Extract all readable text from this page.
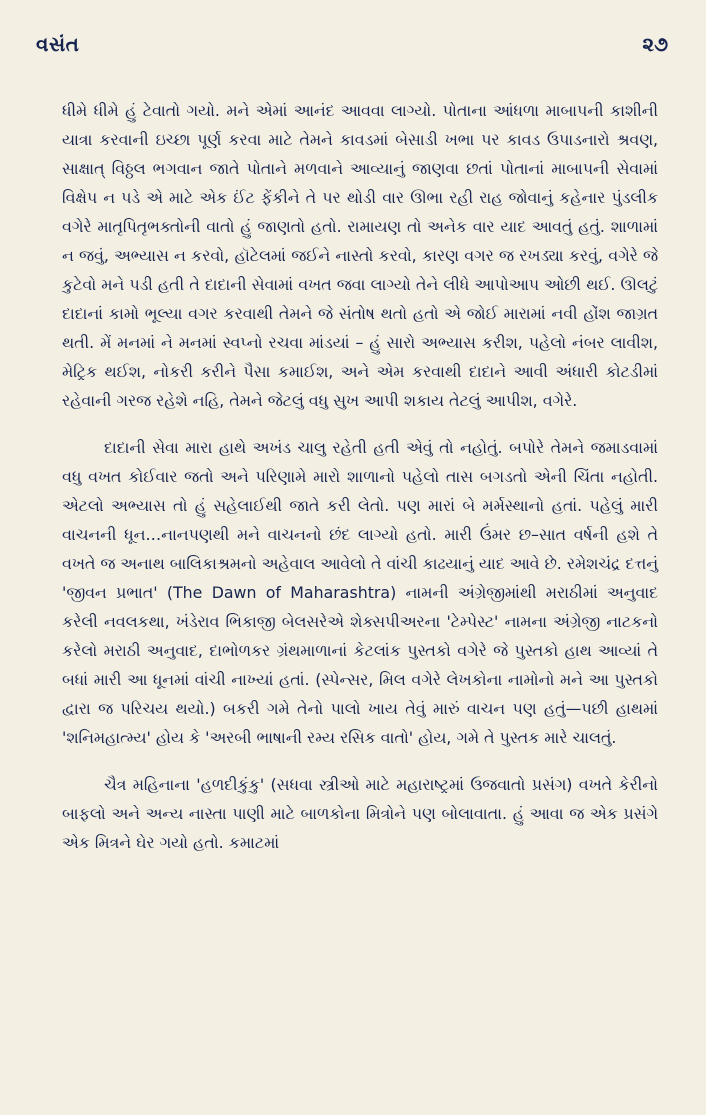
વસંત	૨૭

ધીમે ધીમે હું ટેવાતો ગયો. મને એમાં આનંદ આવવા લાગ્યો. પોતાના આંધળા માબાપની કાશીની યાત્રા કરવાની ઇચ્છા પૂર્ણ કરવા માટે તેમને કાવડમાં બેસાડી ખભા પર કાવડ ઉપાડનારો શ્રવણ, સાક્ષાત્ વિઠ્ઠલ ભગવાન જાતે પોતાને મળવાને આવ્યાનું જાણવા છતાં પોતાનાં માબાપની સેવામાં વિક્ષેપ ન પડે એ માટે એક ઈંટ ફેંકીને તે પર થોડી વાર ઊભા રહી રાહ જોવાનું કહેનાર પુંડલીક વગેરે માતૃપિતૃભક્તોની વાતો હું જાણતો હતો. રામાયણ તો અનેક વાર યાદ આવતું હતું. શાળામાં ન જવું, અભ્યાસ ન કરવો, હૉટેલમાં જઈને નાસ્તો કરવો, કારણ વગર જ રખડ્યા કરવું, વગેરે જે કુટેવો મને પડી હતી તે દાદાની સેવામાં વખત જવા લાગ્યો તેને લીધે આપોઆપ ઓછી થઈ. ઊલટું દાદાનાં કામો ભૂલ્યા વગર કરવાથી તેમને જે સંતોષ થતો હતો એ જોઈ મારામાં નવી હોંશ જાગ્રત થતી. મેં મનમાં ને મનમાં સ્વપ્નો રચવા માંડયાં – હું સારો અભ્યાસ કરીશ, પહેલો નંબર લાવીશ, મેટ્રિક થઈશ, નોકરી કરીને પૈસા કમાઈશ, અને એમ કરવાથી દાદાને આવી અંધારી કોટડીમાં રહેવાની ગરજ રહેશે નહિ, તેમને જેટલું વધુ સુખ આપી શકાય તેટલું આપીશ, વગેરે.

દાદાની સેવા મારા હાથે અખંડ ચાલુ રહેતી હતી એવું તો નહોતું. બપોરે તેમને જમાડવામાં વધુ વખત કોઈવાર જતો અને પરિણામે મારો શાળાનો પહેલો તાસ બગડતો એની ચિંતા નહોતી. એટલો અભ્યાસ તો હું સહેલાઈથી જાતે કરી લેતો. પણ મારાં બે મર્મસ્થાનો હતાં. પહેલું મારી વાચનની ધૂન…નાનપણથી મને વાચનનો છંદ લાગ્યો હતો. મારી ઉંમર છ–સાત વર્ષની હશે તે વખતે જ અનાથ બાલિકાશ્રમનો અહેવાલ આવેલો તે વાંચી કાઢયાનું યાદ આવે છે. રમેશચંદ્ર દત્તનું 'જીવન પ્રભાત' (The Dawn of Maharashtra) નામની અંગ્રેજીમાંથી મરાઠીમાં અનુવાદ કરેલી નવલકથા, ખંડેરાવ ભિકાજી બેલસરેએ શેક્સપીઅરના 'ટેમ્પેસ્ટ' નામના અંગ્રેજી નાટકનો કરેલો મરાઠી અનુવાદ, દાભોળકર ગ્રંથમાળાનાં કેટલાંક પુસ્તકો વગેરે જે પુસ્તકો હાથ આવ્યાં તે બધાં મારી આ ધૂનમાં વાંચી નાખ્યાં હતાં. (સ્પેન્સર, મિલ વગેરે લેખકોના નામોનો મને આ પુસ્તકો દ્વારા જ પરિચય થયો.) બકરી ગમે તેનો પાલો ખાય તેવું મારું વાચન પણ હતું—પછી હાથમાં 'શનિમહાત્મ્ય' હોય કે 'અરબી ભાષાની રમ્ય રસિક વાતો' હોય, ગમે તે પુસ્તક મારે ચાલતું.

ચૈત્ર મહિનાના 'હળદીકુંકુ' (સધવા સ્ત્રીઓ માટે મહારાષ્ટ્રમાં ઉજવાતો પ્રસંગ) વખતે કેરીનો બાફલો અને અન્ય નાસ્તા પાણી માટે બાળકોના મિત્રોને પણ બોલાવાતા. હું આવા જ એક પ્રસંગે એક મિત્રને ઘેર ગયો હતો. કમાટમાં
